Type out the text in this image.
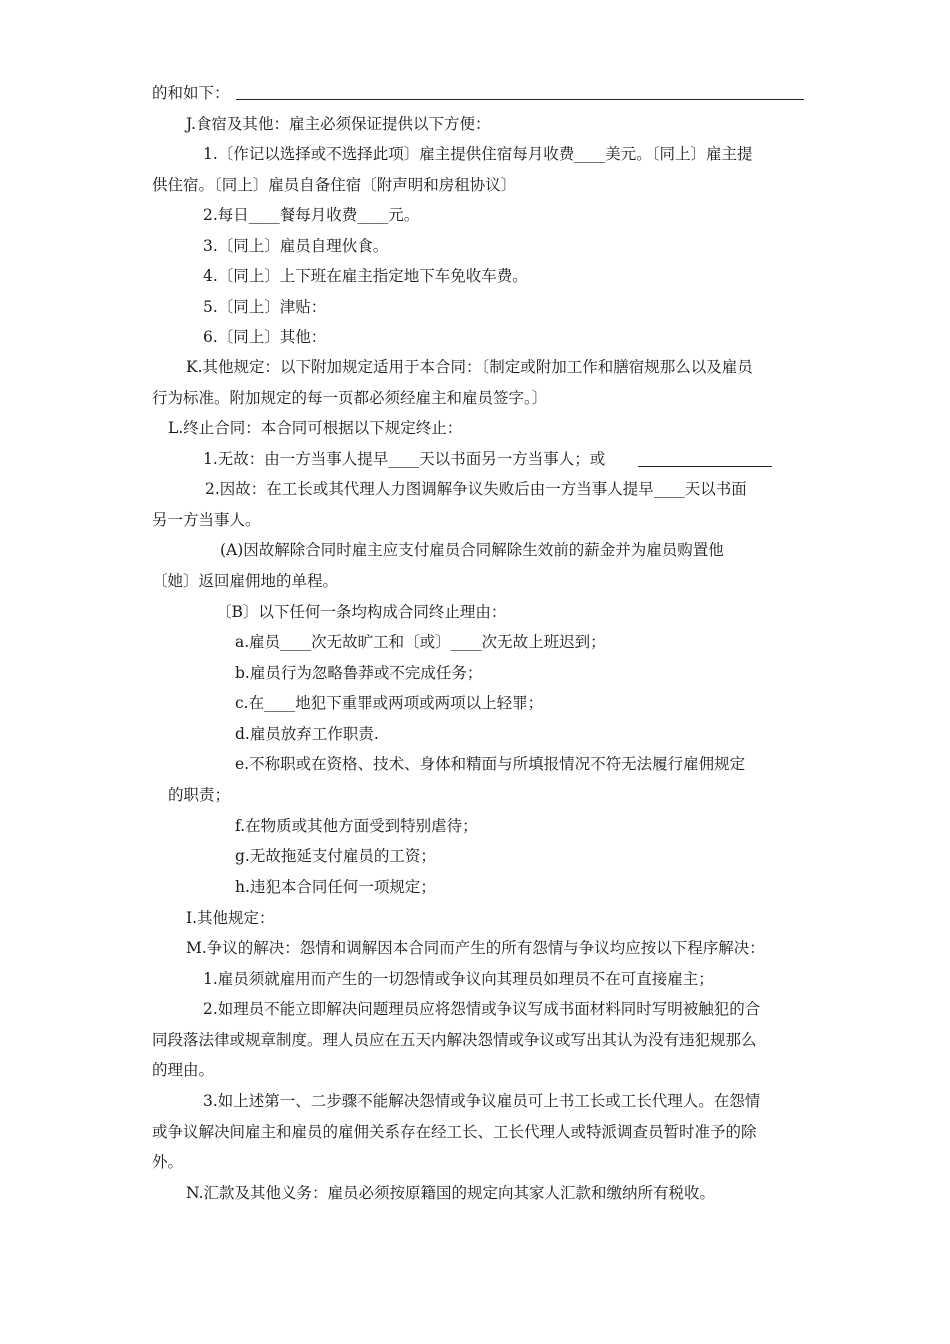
的和如下：

J.食宿及其他：雇主必须保证提供以下方便：

1.〔作记以选择或不选择此项〕雇主提供住宿每月收费____美元。〔同上〕雇主提

供住宿。〔同上〕雇员自备住宿〔附声明和房租协议〕

2.每日____餐每月收费____元。

3.〔同上〕雇员自理伙食。

4.〔同上〕上下班在雇主指定地下车免收车费。

5.〔同上〕津贴：

6.〔同上〕其他：

K.其他规定：以下附加规定适用于本合同：〔制定或附加工作和膳宿规那么以及雇员

行为标准。附加规定的每一页都必须经雇主和雇员签字。〕

L.终止合同：本合同可根据以下规定终止：

1.无故：由一方当事人提早____天以书面另一方当事人；或

2.因故：在工长或其代理人力图调解争议失败后由一方当事人提早____天以书面

另一方当事人。

(A)因故解除合同时雇主应支付雇员合同解除生效前的薪金并为雇员购置他

〔她〕返回雇佣地的单程。

〔B〕以下任何一条均构成合同终止理由：

a.雇员____次无故旷工和〔或〕____次无故上班迟到；

b.雇员行为忽略鲁莽或不完成任务；

c.在____地犯下重罪或两项或两项以上轻罪；

d.雇员放弃工作职责.

e.不称职或在资格、技术、身体和精面与所填报情况不符无法履行雇佣规定

的职责；

f.在物质或其他方面受到特别虐待；

g.无故拖延支付雇员的工资；

h.违犯本合同任何一项规定；

I.其他规定：

M.争议的解决：怨情和调解因本合同而产生的所有怨情与争议均应按以下程序解决：

1.雇员须就雇用而产生的一切怨情或争议向其理员如理员不在可直接雇主；

2.如理员不能立即解决问题理员应将怨情或争议写成书面材料同时写明被触犯的合

同段落法律或规章制度。理人员应在五天内解决怨情或争议或写出其认为没有违犯规那么

的理由。

3.如上述第一、二步骤不能解决怨情或争议雇员可上书工长或工长代理人。在怨情

或争议解决间雇主和雇员的雇佣关系存在经工长、工长代理人或特派调查员暂时准予的除

外。

N.汇款及其他义务：雇员必须按原籍国的规定向其家人汇款和缴纳所有税收。
